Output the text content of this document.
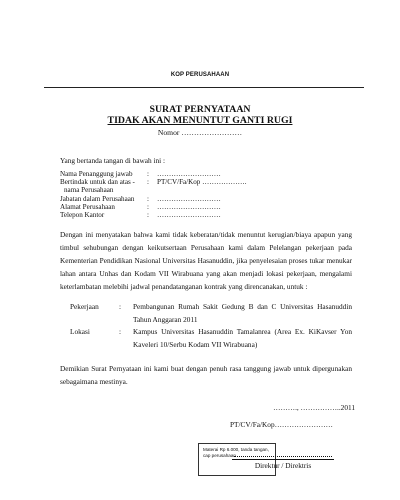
KOP PERUSAHAAN
SURAT PERNYATAAN
TIDAK AKAN MENUNTUT GANTI RUGI
Nomor ……………………
Yang bertanda tangan di bawah ini :
Nama Penanggung jawab : ………………………
Bertindak untuk dan atas - : PT/CV/Fa/Kop ……………….
nama Perusahaan
Jabatan dalam Perusahaan : ………………………
Alamat Perusahaan	: ………………………
Telepon Kantor	: ………………………

Dengan ini menyatakan bahwa kami tidak keberatan/tidak menuntut kerugian/biaya apapun yang timbul sehubungan dengan keikutsertaan Perusahaan kami dalam Pelelangan pekerjaan pada Kementerian Pendidikan Nasional Universitas Hasanuddin, jika penyelesaian proses tukar menukar lahan antara Unhas dan Kodam VII Wirabuana yang akan menjadi lokasi pekerjaan, mengalami keterlambatan melebihi jadwal penandatanganan kontrak yang direncanakan, untuk :

Pekerjaan	: Pembangunan Rumah Sakit Gedung B dan C Universitas Hasanuddin Tahun Anggaran 2011
Lokasi	: Kampus Universitas Hasanuddin Tamalanrea (Area Ex. KiKavser Yon Kaveleri 10/Serbu Kodam VII Wirabuana)

Demikian Surat Pernyataan ini kami buat dengan penuh rasa tanggung jawab untuk dipergunakan sebagaimana mestinya.

………., ……………..2011
PT/CV/Fa/Kop……………………
Materai Rp 6.000, tanda tangan, cap perusahaan
Direktur / Direktris
